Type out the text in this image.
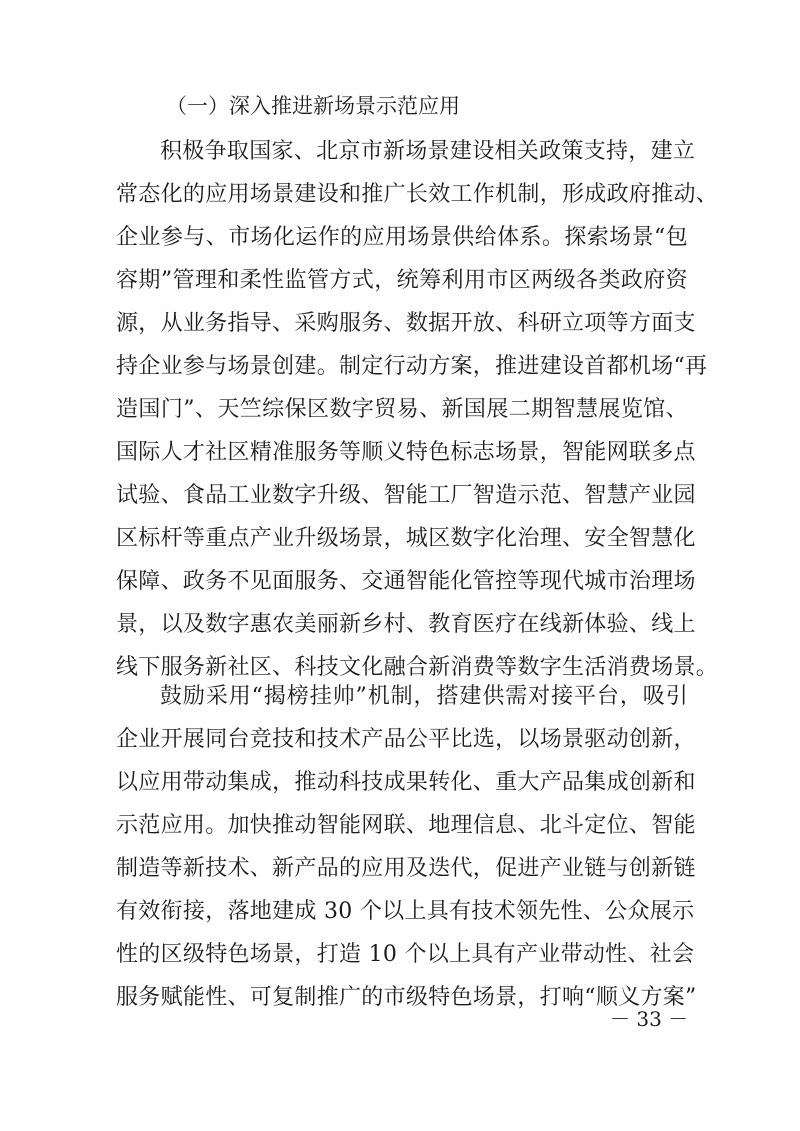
（一）深入推进新场景示范应用
积极争取国家、北京市新场景建设相关政策支持，建立
常态化的应用场景建设和推广长效工作机制，形成政府推动、
企业参与、市场化运作的应用场景供给体系。探索场景“包
容期”管理和柔性监管方式，统筹利用市区两级各类政府资
源，从业务指导、采购服务、数据开放、科研立项等方面支
持企业参与场景创建。制定行动方案，推进建设首都机场“再
造国门”、天竺综保区数字贸易、新国展二期智慧展览馆、
国际人才社区精准服务等顺义特色标志场景，智能网联多点
试验、食品工业数字升级、智能工厂智造示范、智慧产业园
区标杆等重点产业升级场景，城区数字化治理、安全智慧化
保障、政务不见面服务、交通智能化管控等现代城市治理场
景，以及数字惠农美丽新乡村、教育医疗在线新体验、线上
线下服务新社区、科技文化融合新消费等数字生活消费场景。
鼓励采用“揭榜挂帅”机制，搭建供需对接平台，吸引
企业开展同台竞技和技术产品公平比选，以场景驱动创新，
以应用带动集成，推动科技成果转化、重大产品集成创新和
示范应用。加快推动智能网联、地理信息、北斗定位、智能
制造等新技术、新产品的应用及迭代，促进产业链与创新链
有效衔接，落地建成 30 个以上具有技术领先性、公众展示
性的区级特色场景，打造 10 个以上具有产业带动性、社会
服务赋能性、可复制推广的市级特色场景，打响“顺义方案”
－ 33 －
